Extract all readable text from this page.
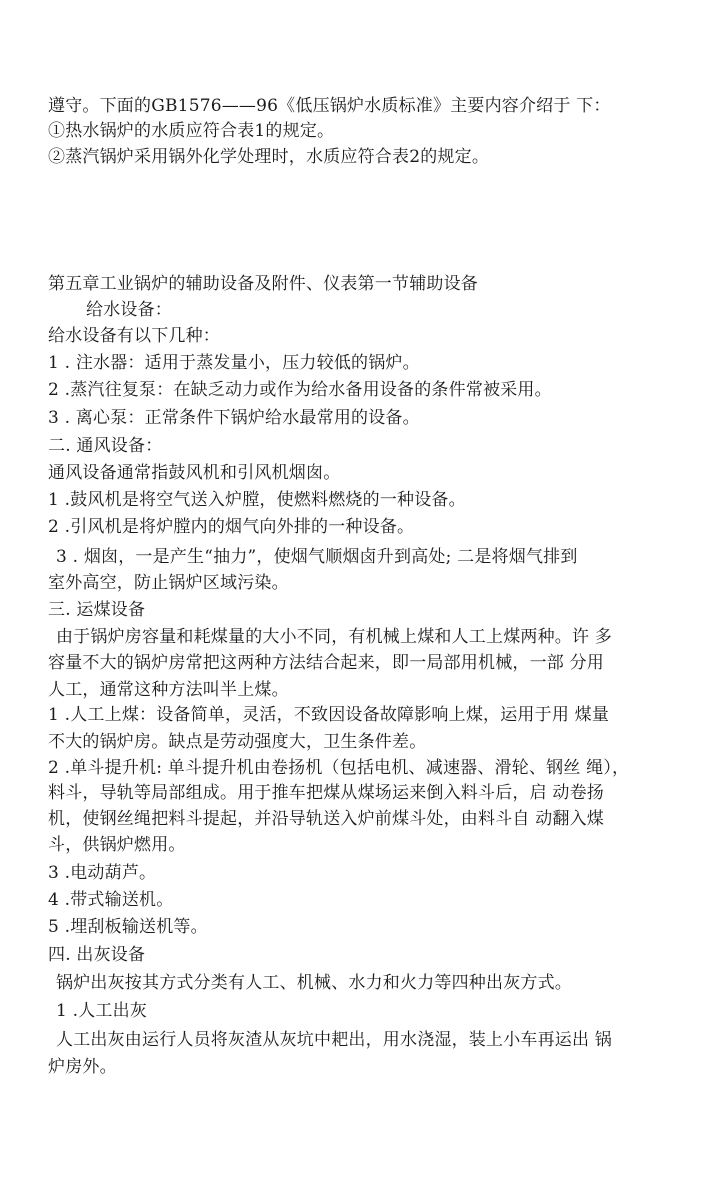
遵守。下面的GB1576——96《低压锅炉水质标准》主要内容介绍于 下：
①热水锅炉的水质应符合表1的规定。
②蒸汽锅炉采用锅外化学处理时，水质应符合表2的规定。
第五章工业锅炉的辅助设备及附件、仪表第一节辅助设备
给水设备：
给水设备有以下几种：
1 . 注水器：适用于蒸发量小，压力较低的锅炉。
2 .蒸汽往复泵：在缺乏动力或作为给水备用设备的条件常被采用。
3 . 离心泵：正常条件下锅炉给水最常用的设备。
二. 通风设备：
通风设备通常指鼓风机和引风机烟囱。
1 .鼓风机是将空气送入炉膛，使燃料燃烧的一种设备。
2 .引风机是将炉膛内的烟气向外排的一种设备。
3 . 烟囱，一是产生“抽力”，使烟气顺烟卤升到高处; 二是将烟气排到
室外高空，防止锅炉区域污染。
三. 运煤设备
由于锅炉房容量和耗煤量的大小不同，有机械上煤和人工上煤两种。许 多
容量不大的锅炉房常把这两种方法结合起来，即一局部用机械，一部 分用
人工，通常这种方法叫半上煤。
1 .人工上煤：设备简单，灵活，不致因设备故障影响上煤，运用于用 煤量
不大的锅炉房。缺点是劳动强度大，卫生条件差。
2 .单斗提升机: 单斗提升机由卷扬机（包括电机、减速器、滑轮、钢丝 绳），
料斗，导轨等局部组成。用于推车把煤从煤场运来倒入料斗后，启 动卷扬
机，使钢丝绳把料斗提起，并沿导轨送入炉前煤斗处，由料斗自 动翻入煤
斗，供锅炉燃用。
3 .电动葫芦。
4 .带式输送机。
5 .埋刮板输送机等。
四. 出灰设备
锅炉出灰按其方式分类有人工、机械、水力和火力等四种出灰方式。
1 .人工出灰
人工出灰由运行人员将灰渣从灰坑中耙出，用水浇湿，装上小车再运出 锅
炉房外。
